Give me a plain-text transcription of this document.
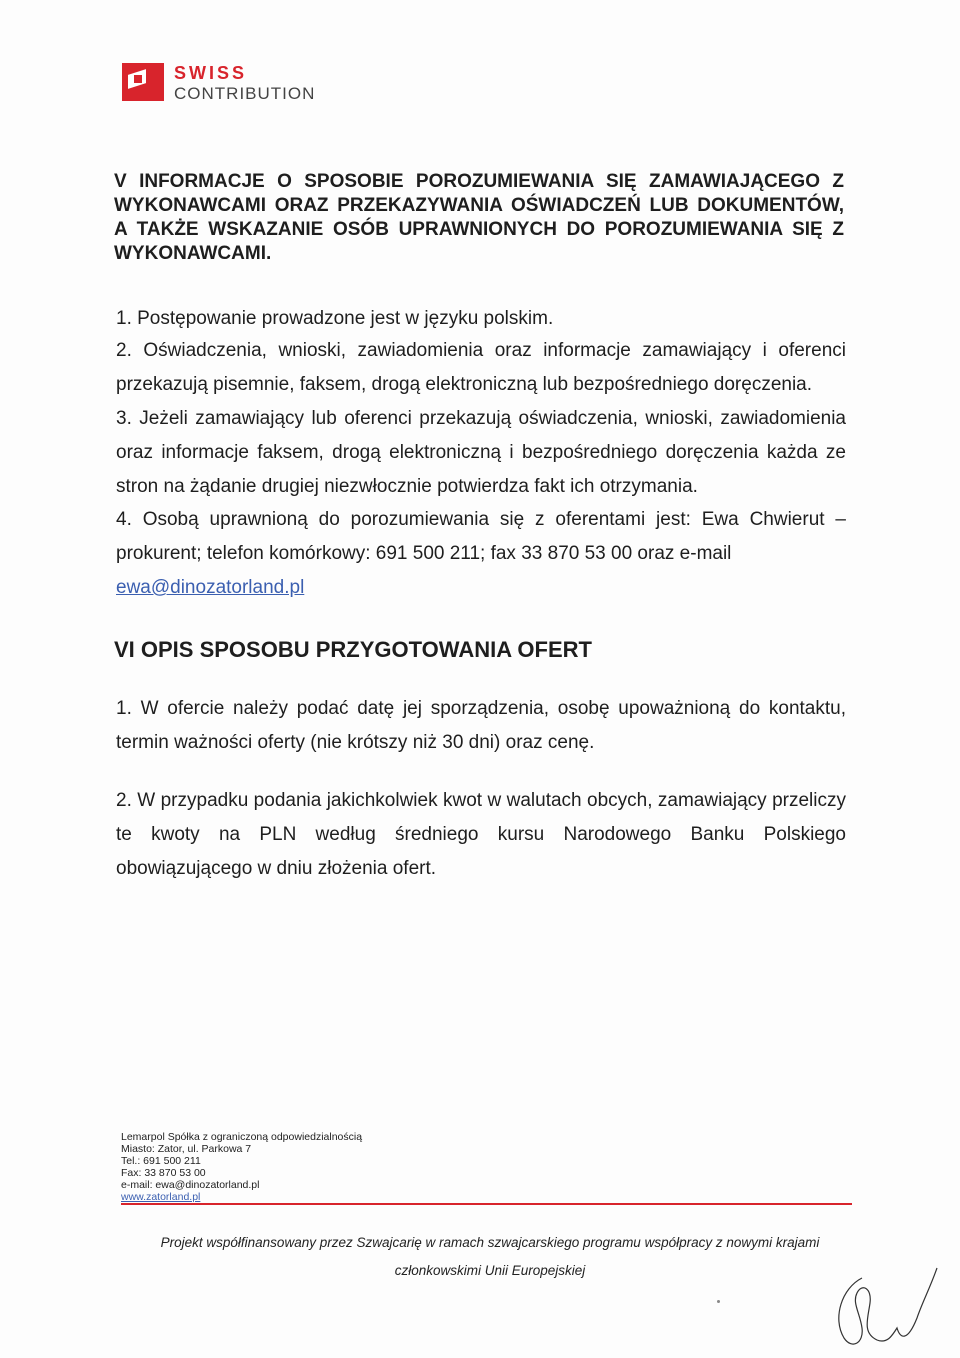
SWISS
CONTRIBUTION
V INFORMACJE O SPOSOBIE POROZUMIEWANIA SIĘ ZAMAWIAJĄCEGO Z WYKONAWCAMI ORAZ PRZEKAZYWANIA OŚWIADCZEŃ LUB DOKUMENTÓW, A TAKŻE WSKAZANIE OSÓB UPRAWNIONYCH DO POROZUMIEWANIA SIĘ Z WYKONAWCAMI.
1. Postępowanie prowadzone jest w języku polskim.
2. Oświadczenia, wnioski, zawiadomienia oraz informacje zamawiający i oferenci przekazują pisemnie, faksem, drogą elektroniczną lub bezpośredniego doręczenia.
3. Jeżeli zamawiający lub oferenci przekazują oświadczenia, wnioski, zawiadomienia oraz informacje faksem, drogą elektroniczną i bezpośredniego doręczenia każda ze stron na żądanie drugiej niezwłocznie potwierdza fakt ich otrzymania.
4. Osobą uprawnioną do porozumiewania się z oferentami jest: Ewa Chwierut – prokurent; telefon komórkowy: 691 500 211; fax 33 870 53 00 oraz e-mail
ewa@dinozatorland.pl
VI OPIS SPOSOBU PRZYGOTOWANIA OFERT
1. W ofercie należy podać datę jej sporządzenia, osobę upoważnioną do kontaktu, termin ważności oferty (nie krótszy niż 30 dni) oraz cenę.
2. W przypadku podania jakichkolwiek kwot w walutach obcych, zamawiający przeliczy te kwoty na PLN według średniego kursu Narodowego Banku Polskiego obowiązującego w dniu złożenia ofert.
Lemarpol Spółka z ograniczoną odpowiedzialnością
Miasto: Zator, ul. Parkowa 7
Tel.: 691 500 211
Fax: 33 870 53 00
e-mail: ewa@dinozatorland.pl
www.zatorland.pl
Projekt współfinansowany przez Szwajcarię w ramach szwajcarskiego programu współpracy z nowymi krajami
członkowskimi Unii Europejskiej
